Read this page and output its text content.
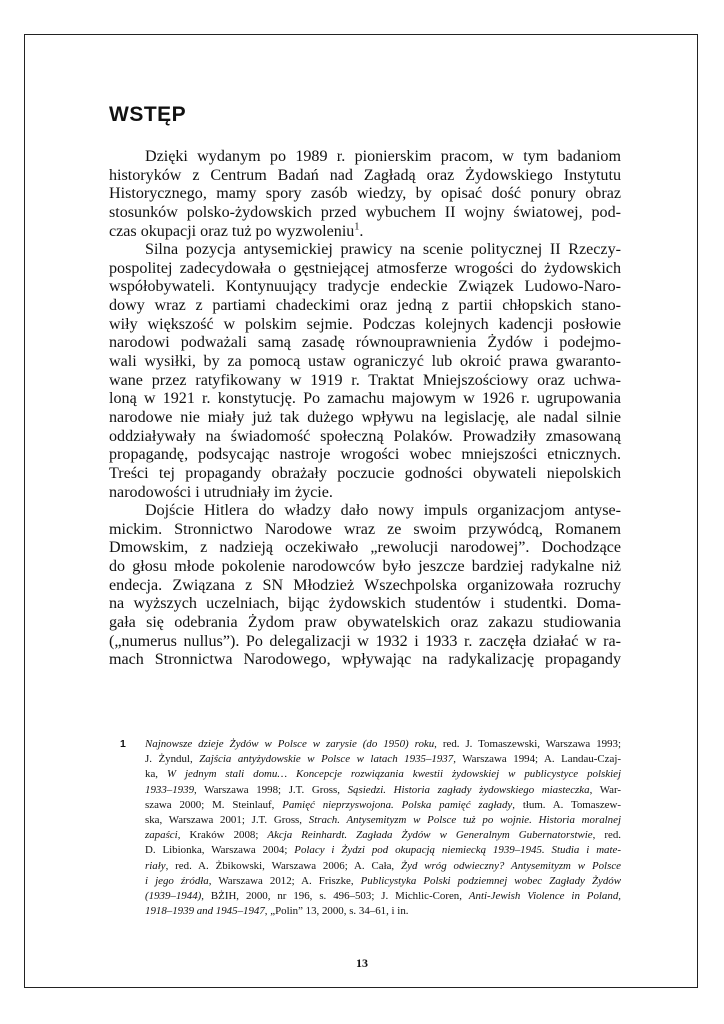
WSTĘP
Dzięki wydanym po 1989 r. pionierskim pracom, w tym badaniom
historyków z Centrum Badań nad Zagładą oraz Żydowskiego Instytutu
Historycznego, mamy spory zasób wiedzy, by opisać dość ponury obraz
stosunków polsko-żydowskich przed wybuchem II wojny światowej, pod-
czas okupacji oraz tuż po wyzwoleniu$^1$.
Silna pozycja antysemickiej prawicy na scenie politycznej II Rzeczy-
pospolitej zadecydowała o gęstniejącej atmosferze wrogości do żydowskich
współobywateli. Kontynuujący tradycje endeckie Związek Ludowo-Naro-
dowy wraz z partiami chadeckimi oraz jedną z partii chłopskich stano-
wiły większość w polskim sejmie. Podczas kolejnych kadencji posłowie
narodowi podważali samą zasadę równouprawnienia Żydów i podejmo-
wali wysiłki, by za pomocą ustaw ograniczyć lub okroić prawa gwaranto-
wane przez ratyfikowany w 1919 r. Traktat Mniejszościowy oraz uchwa-
loną w 1921 r. konstytucję. Po zamachu majowym w 1926 r. ugrupowania
narodowe nie miały już tak dużego wpływu na legislację, ale nadal silnie
oddziaływały na świadomość społeczną Polaków. Prowadziły zmasowaną
propagandę, podsycając nastroje wrogości wobec mniejszości etnicznych.
Treści tej propagandy obrażały poczucie godności obywateli niepolskich
narodowości i utrudniały im życie.
Dojście Hitlera do władzy dało nowy impuls organizacjom antyse-
mickim. Stronnictwo Narodowe wraz ze swoim przywódcą, Romanem
Dmowskim, z nadzieją oczekiwało „rewolucji narodowej”. Dochodzące
do głosu młode pokolenie narodowców było jeszcze bardziej radykalne niż
endecja. Związana z SN Młodzież Wszechpolska organizowała rozruchy
na wyższych uczelniach, bijąc żydowskich studentów i studentki. Doma-
gała się odebrania Żydom praw obywatelskich oraz zakazu studiowania
(„numerus nullus”). Po delegalizacji w 1932 i 1933 r. zaczęła działać w ra-
mach Stronnictwa Narodowego, wpływając na radykalizację propagandy
1 Najnowsze dzieje Żydów w Polsce w zarysie (do 1950) roku, red. J. Tomaszewski, Warszawa 1993;
J. Żyndul, Zajścia antyżydowskie w Polsce w latach 1935–1937, Warszawa 1994; A. Landau-Czaj-
ka, W jednym stali domu… Koncepcje rozwiązania kwestii żydowskiej w publicystyce polskiej
1933–1939, Warszawa 1998; J.T. Gross, Sąsiedzi. Historia zagłady żydowskiego miasteczka, War-
szawa 2000; M. Steinlauf, Pamięć nieprzyswojona. Polska pamięć zagłady, tłum. A. Tomaszew-
ska, Warszawa 2001; J.T. Gross, Strach. Antysemityzm w Polsce tuż po wojnie. Historia moralnej
zapaści, Kraków 2008; Akcja Reinhardt. Zagłada Żydów w Generalnym Gubernatorstwie, red.
D. Libionka, Warszawa 2004; Polacy i Żydzi pod okupacją niemiecką 1939–1945. Studia i mate-
riały, red. A. Żbikowski, Warszawa 2006; A. Cała, Żyd wróg odwieczny? Antysemityzm w Polsce
i jego źródła, Warszawa 2012; A. Friszke, Publicystyka Polski podziemnej wobec Zagłady Żydów
(1939–1944), BŻIH, 2000, nr 196, s. 496–503; J. Michlic-Coren, Anti-Jewish Violence in Poland,
1918–1939 and 1945–1947, „Polin” 13, 2000, s. 34–61, i in.
13
